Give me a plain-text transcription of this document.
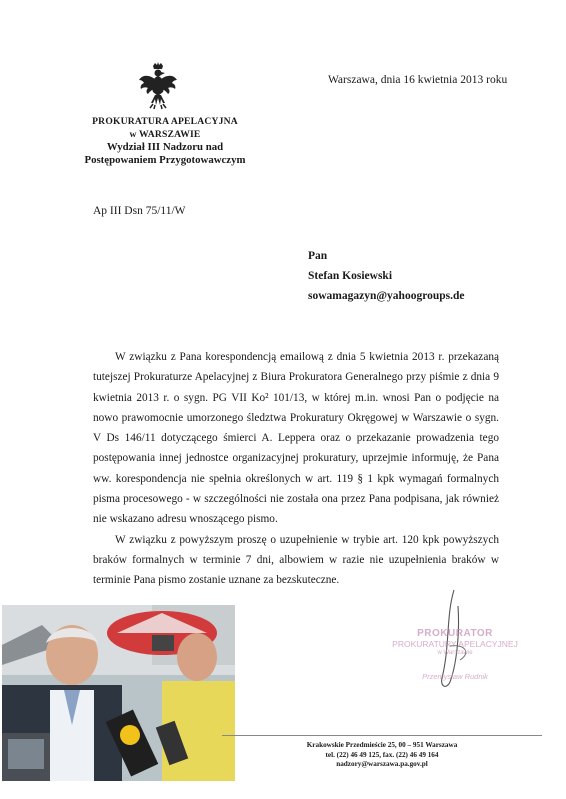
PROKURATURA APELACYJNA
w WARSZAWIE
Wydział III Nadzoru nad
Postępowaniem Przygotowawczym
Warszawa, dnia 16 kwietnia 2013 roku
Ap III Dsn 75/11/W
Pan
Stefan Kosiewski
sowamagazyn@yahoogroups.de

W związku z Pana korespondencją emailową z dnia 5 kwietnia 2013 r. przekazaną tutejszej Prokuraturze Apelacyjnej z Biura Prokuratora Generalnego przy piśmie z dnia 9 kwietnia 2013 r. o sygn. PG VII Ko² 101/13, w której m.in. wnosi Pan o podjęcie na nowo prawomocnie umorzonego śledztwa Prokuratury Okręgowej w Warszawie o sygn. V Ds 146/11 dotyczącego śmierci A. Leppera oraz o przekazanie prowadzenia tego postępowania innej jednostce organizacyjnej prokuratury, uprzejmie informuję, że Pana ww. korespondencja nie spełnia określonych w art. 119 § 1 kpk wymagań formalnych pisma procesowego - w szczególności nie została ona przez Pana podpisana, jak również nie wskazano adresu wnoszącego pismo.

W związku z powyższym proszę o uzupełnienie w trybie art. 120 kpk powyższych braków formalnych w terminie 7 dni, albowiem w razie nie uzupełnienia braków w terminie Pana pismo zostanie uznane za bezskuteczne.

PROKURATOR
PROKURATURY APELACYJNEJ
w Warszawie
Przemysław Rudnik
Krakowskie Przedmieście 25, 00 – 951 Warszawa
tel. (22) 46 49 125, fax. (22) 46 49 164
nadzory@warszawa.pa.gov.pl
